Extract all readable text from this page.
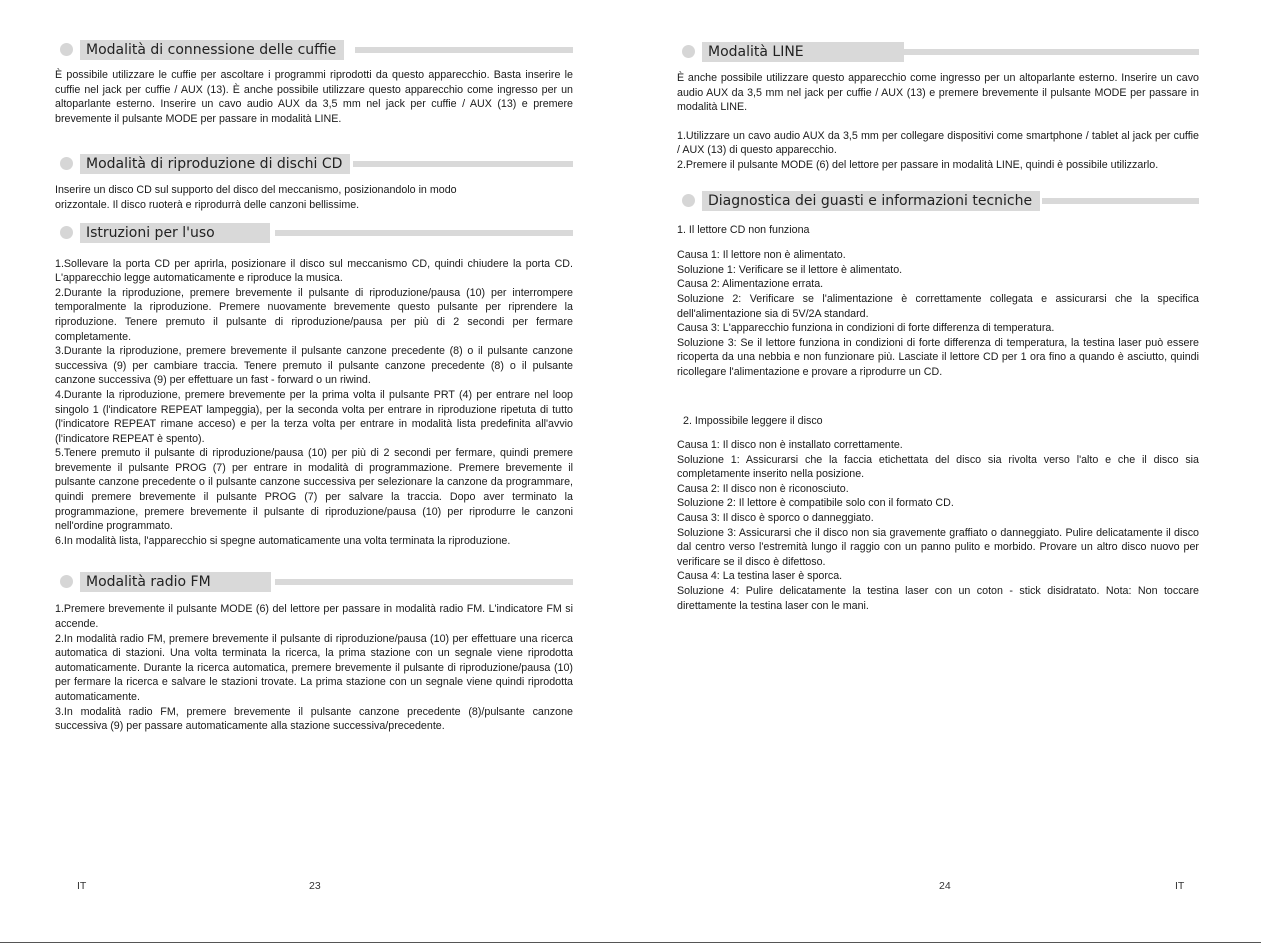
Modalità di connessione delle cuffie

È possibile utilizzare le cuffie per ascoltare i programmi riprodotti da questo apparecchio. Basta inserire le cuffie nel jack per cuffie / AUX (13). È anche possibile utilizzare questo apparecchio come ingresso per un altoparlante esterno. Inserire un cavo audio AUX da 3,5 mm nel jack per cuffie / AUX (13) e premere brevemente il pulsante MODE per passare in modalità LINE.

Modalità di riproduzione di dischi CD

Inserire un disco CD sul supporto del disco del meccanismo, posizionandolo in modo orizzontale. Il disco ruoterà e riprodurrà delle canzoni bellissime.

Istruzioni per l'uso

1.Sollevare la porta CD per aprirla, posizionare il disco sul meccanismo CD, quindi chiudere la porta CD. L'apparecchio legge automaticamente e riproduce la musica.

2.Durante la riproduzione, premere brevemente il pulsante di riproduzione/pausa (10) per interrompere temporalmente la riproduzione. Premere nuovamente brevemente questo pulsante per riprendere la riproduzione. Tenere premuto il pulsante di riproduzione/pausa per più di 2 secondi per fermare completamente.

3.Durante la riproduzione, premere brevemente il pulsante canzone precedente (8) o il pulsante canzone successiva (9) per cambiare traccia. Tenere premuto il pulsante canzone precedente (8) o il pulsante canzone successiva (9) per effettuare un fast - forward o un riwind.

4.Durante la riproduzione, premere brevemente per la prima volta il pulsante PRT (4) per entrare nel loop singolo 1 (l'indicatore REPEAT lampeggia), per la seconda volta per entrare in riproduzione ripetuta di tutto (l'indicatore REPEAT rimane acceso) e per la terza volta per entrare in modalità lista predefinita all'avvio (l'indicatore REPEAT è spento).

5.Tenere premuto il pulsante di riproduzione/pausa (10) per più di 2 secondi per fermare, quindi premere brevemente il pulsante PROG (7) per entrare in modalità di programmazione. Premere brevemente il pulsante canzone precedente o il pulsante canzone successiva per selezionare la canzone da programmare, quindi premere brevemente il pulsante PROG (7) per salvare la traccia. Dopo aver terminato la programmazione, premere brevemente il pulsante di riproduzione/pausa (10) per riprodurre le canzoni nell'ordine programmato.

6.In modalità lista, l'apparecchio si spegne automaticamente una volta terminata la riproduzione.

Modalità radio FM

1.Premere brevemente il pulsante MODE (6) del lettore per passare in modalità radio FM. L'indicatore FM si accende.

2.In modalità radio FM, premere brevemente il pulsante di riproduzione/pausa (10) per effettuare una ricerca automatica di stazioni. Una volta terminata la ricerca, la prima stazione con un segnale viene riprodotta automaticamente. Durante la ricerca automatica, premere brevemente il pulsante di riproduzione/pausa (10) per fermare la ricerca e salvare le stazioni trovate. La prima stazione con un segnale viene quindi riprodotta automaticamente.

3.In modalità radio FM, premere brevemente il pulsante canzone precedente (8)/pulsante canzone successiva (9) per passare automaticamente alla stazione successiva/precedente.

IT	23
Modalità LINE

È anche possibile utilizzare questo apparecchio come ingresso per un altoparlante esterno. Inserire un cavo audio AUX da 3,5 mm nel jack per cuffie / AUX (13) e premere brevemente il pulsante MODE per passare in modalità LINE.

1.Utilizzare un cavo audio AUX da 3,5 mm per collegare dispositivi come smartphone / tablet al jack per cuffie / AUX (13) di questo apparecchio.

2.Premere il pulsante MODE (6) del lettore per passare in modalità LINE, quindi è possibile utilizzarlo.

Diagnostica dei guasti e informazioni tecniche

1. Il lettore CD non funziona

Causa 1: Il lettore non è alimentato.

Soluzione 1: Verificare se il lettore è alimentato.

Causa 2: Alimentazione errata.

Soluzione 2: Verificare se l'alimentazione è correttamente collegata e assicurarsi che la specifica dell'alimentazione sia di 5V/2A standard.

Causa 3: L'apparecchio funziona in condizioni di forte differenza di temperatura.

Soluzione 3: Se il lettore funziona in condizioni di forte differenza di temperatura, la testina laser può essere ricoperta da una nebbia e non funzionare più. Lasciate il lettore CD per 1 ora fino a quando è asciutto, quindi ricollegare l'alimentazione e provare a riprodurre un CD.

2. Impossibile leggere il disco

Causa 1: Il disco non è installato correttamente.

Soluzione 1: Assicurarsi che la faccia etichettata del disco sia rivolta verso l'alto e che il disco sia completamente inserito nella posizione.

Causa 2: Il disco non è riconosciuto.

Soluzione 2: Il lettore è compatibile solo con il formato CD.

Causa 3: Il disco è sporco o danneggiato.

Soluzione 3: Assicurarsi che il disco non sia gravemente graffiato o danneggiato. Pulire delicatamente il disco dal centro verso l'estremità lungo il raggio con un panno pulito e morbido. Provare un altro disco nuovo per verificare se il disco è difettoso.

Causa 4: La testina laser è sporca.

Soluzione 4: Pulire delicatamente la testina laser con un coton - stick disidratato. Nota: Non toccare direttamente la testina laser con le mani.

24	IT
